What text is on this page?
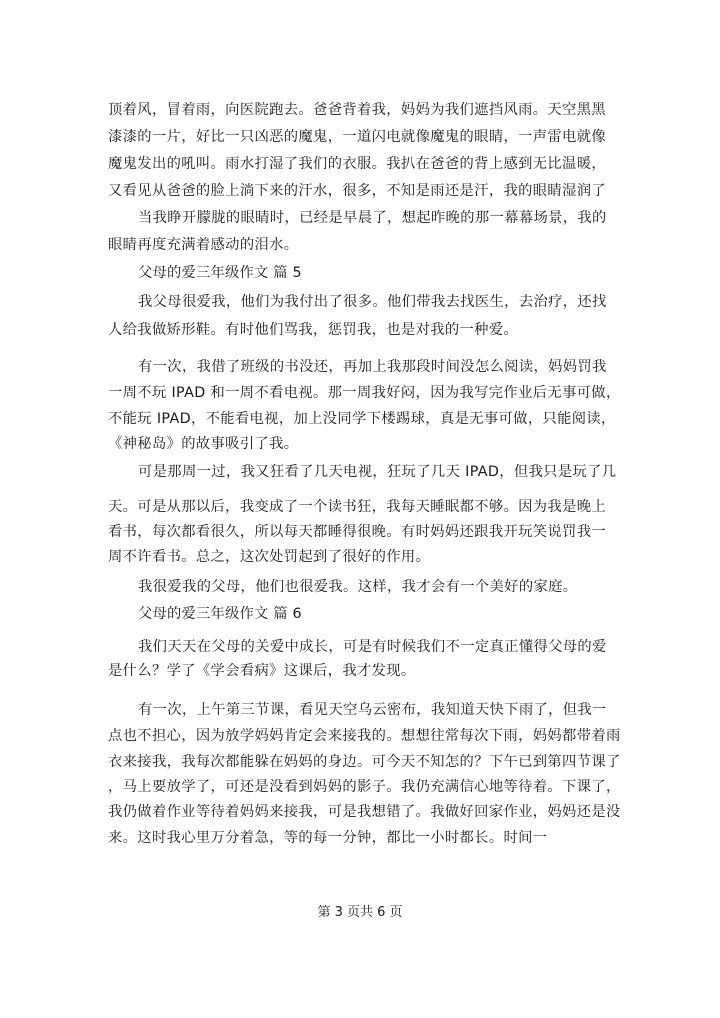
顶着风，冒着雨，向医院跑去。爸爸背着我，妈妈为我们遮挡风雨。天空黑黑
漆漆的一片，好比一只凶恶的魔鬼，一道闪电就像魔鬼的眼睛，一声雷电就像
魔鬼发出的吼叫。雨水打湿了我们的衣服。我扒在爸爸的背上感到无比温暖，
又看见从爸爸的脸上淌下来的汗水，很多，不知是雨还是汗，我的眼睛湿润了
当我睁开朦胧的眼睛时，已经是早晨了，想起昨晚的那一幕幕场景，我的
眼睛再度充满着感动的泪水。
父母的爱三年级作文 篇 5
我父母很爱我，他们为我付出了很多。他们带我去找医生，去治疗，还找
人给我做矫形鞋。有时他们骂我，惩罚我，也是对我的一种爱。
有一次，我借了班级的书没还，再加上我那段时间没怎么阅读，妈妈罚我
一周不玩 IPAD 和一周不看电视。那一周我好闷，因为我写完作业后无事可做，
不能玩 IPAD，不能看电视，加上没同学下楼踢球，真是无事可做，只能阅读，
《神秘岛》的故事吸引了我。
可是那周一过，我又狂看了几天电视，狂玩了几天 IPAD，但我只是玩了几
天。可是从那以后，我变成了一个读书狂，我每天睡眠都不够。因为我是晚上
看书，每次都看很久，所以每天都睡得很晚。有时妈妈还跟我开玩笑说罚我一
周不许看书。总之，这次处罚起到了很好的作用。
我很爱我的父母，他们也很爱我。这样，我才会有一个美好的家庭。
父母的爱三年级作文 篇 6
我们天天在父母的关爱中成长，可是有时候我们不一定真正懂得父母的爱
是什么？学了《学会看病》这课后，我才发现。
有一次，上午第三节课，看见天空乌云密布，我知道天快下雨了，但我一
点也不担心，因为放学妈妈肯定会来接我的。想想往常每次下雨，妈妈都带着雨
衣来接我，我每次都能躲在妈妈的身边。可今天不知怎的？下午已到第四节课了
，马上要放学了，可还是没看到妈妈的影子。我仍充满信心地等待着。下课了，
我仍做着作业等待着妈妈来接我，可是我想错了。我做好回家作业，妈妈还是没
来。这时我心里万分着急，等的每一分钟，都比一小时都长。时间一
第 3 页共 6 页
